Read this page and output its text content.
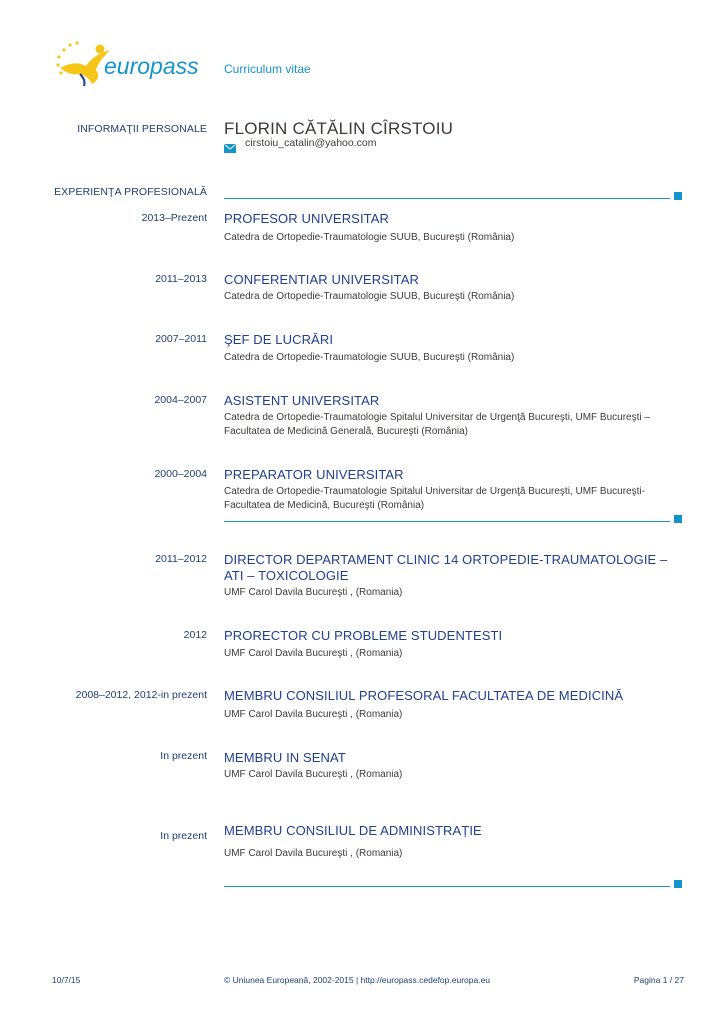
europass Curriculum vitae
INFORMAŢII PERSONALE FLORIN CĂTĂLIN CÎRSTOIU
cirstoiu_catalin@yahoo.com
EXPERIENŢA PROFESIONALĂ
2013–Prezent PROFESOR UNIVERSITAR
Catedra de Ortopedie-Traumatologie SUUB, Bucureşti (România)
2011–2013 CONFERENTIAR UNIVERSITAR
Catedra de Ortopedie-Traumatologie SUUB, Bucureşti (România)
2007–2011 ŞEF DE LUCRĂRI
Catedra de Ortopedie-Traumatologie SUUB, Bucureşti (România)
2004–2007 ASISTENT UNIVERSITAR
Catedra de Ortopedie-Traumatologie Spitalul Universitar de Urgenţă Bucureşti, UMF Bucureşti – Facultatea de Medicină Generală, Bucureşti (România)
2000–2004 PREPARATOR UNIVERSITAR
Catedra de Ortopedie-Traumatologie Spitalul Universitar de Urgenţă Bucureşti, UMF Bucureşti- Facultatea de Medicină, Bucureşti (România)
2011–2012 DIRECTOR DEPARTAMENT CLINIC 14 ORTOPEDIE-TRAUMATOLOGIE – ATI – TOXICOLOGIE
UMF Carol Davila Bucureşti , (Romania)
2012 PRORECTOR CU PROBLEME STUDENTESTI
UMF Carol Davila Bucureşti , (Romania)
2008–2012, 2012-in prezent MEMBRU CONSILIUL PROFESORAL FACULTATEA DE MEDICINĂ
UMF Carol Davila Bucureşti , (Romania)
In prezent MEMBRU IN SENAT
UMF Carol Davila Bucureşti , (Romania)
In prezent MEMBRU CONSILIUL DE ADMINISTRAȚIE
UMF Carol Davila Bucureşti , (Romania)
10/7/15	© Uniunea Europeană, 2002-2015 | http://europass.cedefop.europa.eu	Pagina 1 / 27
